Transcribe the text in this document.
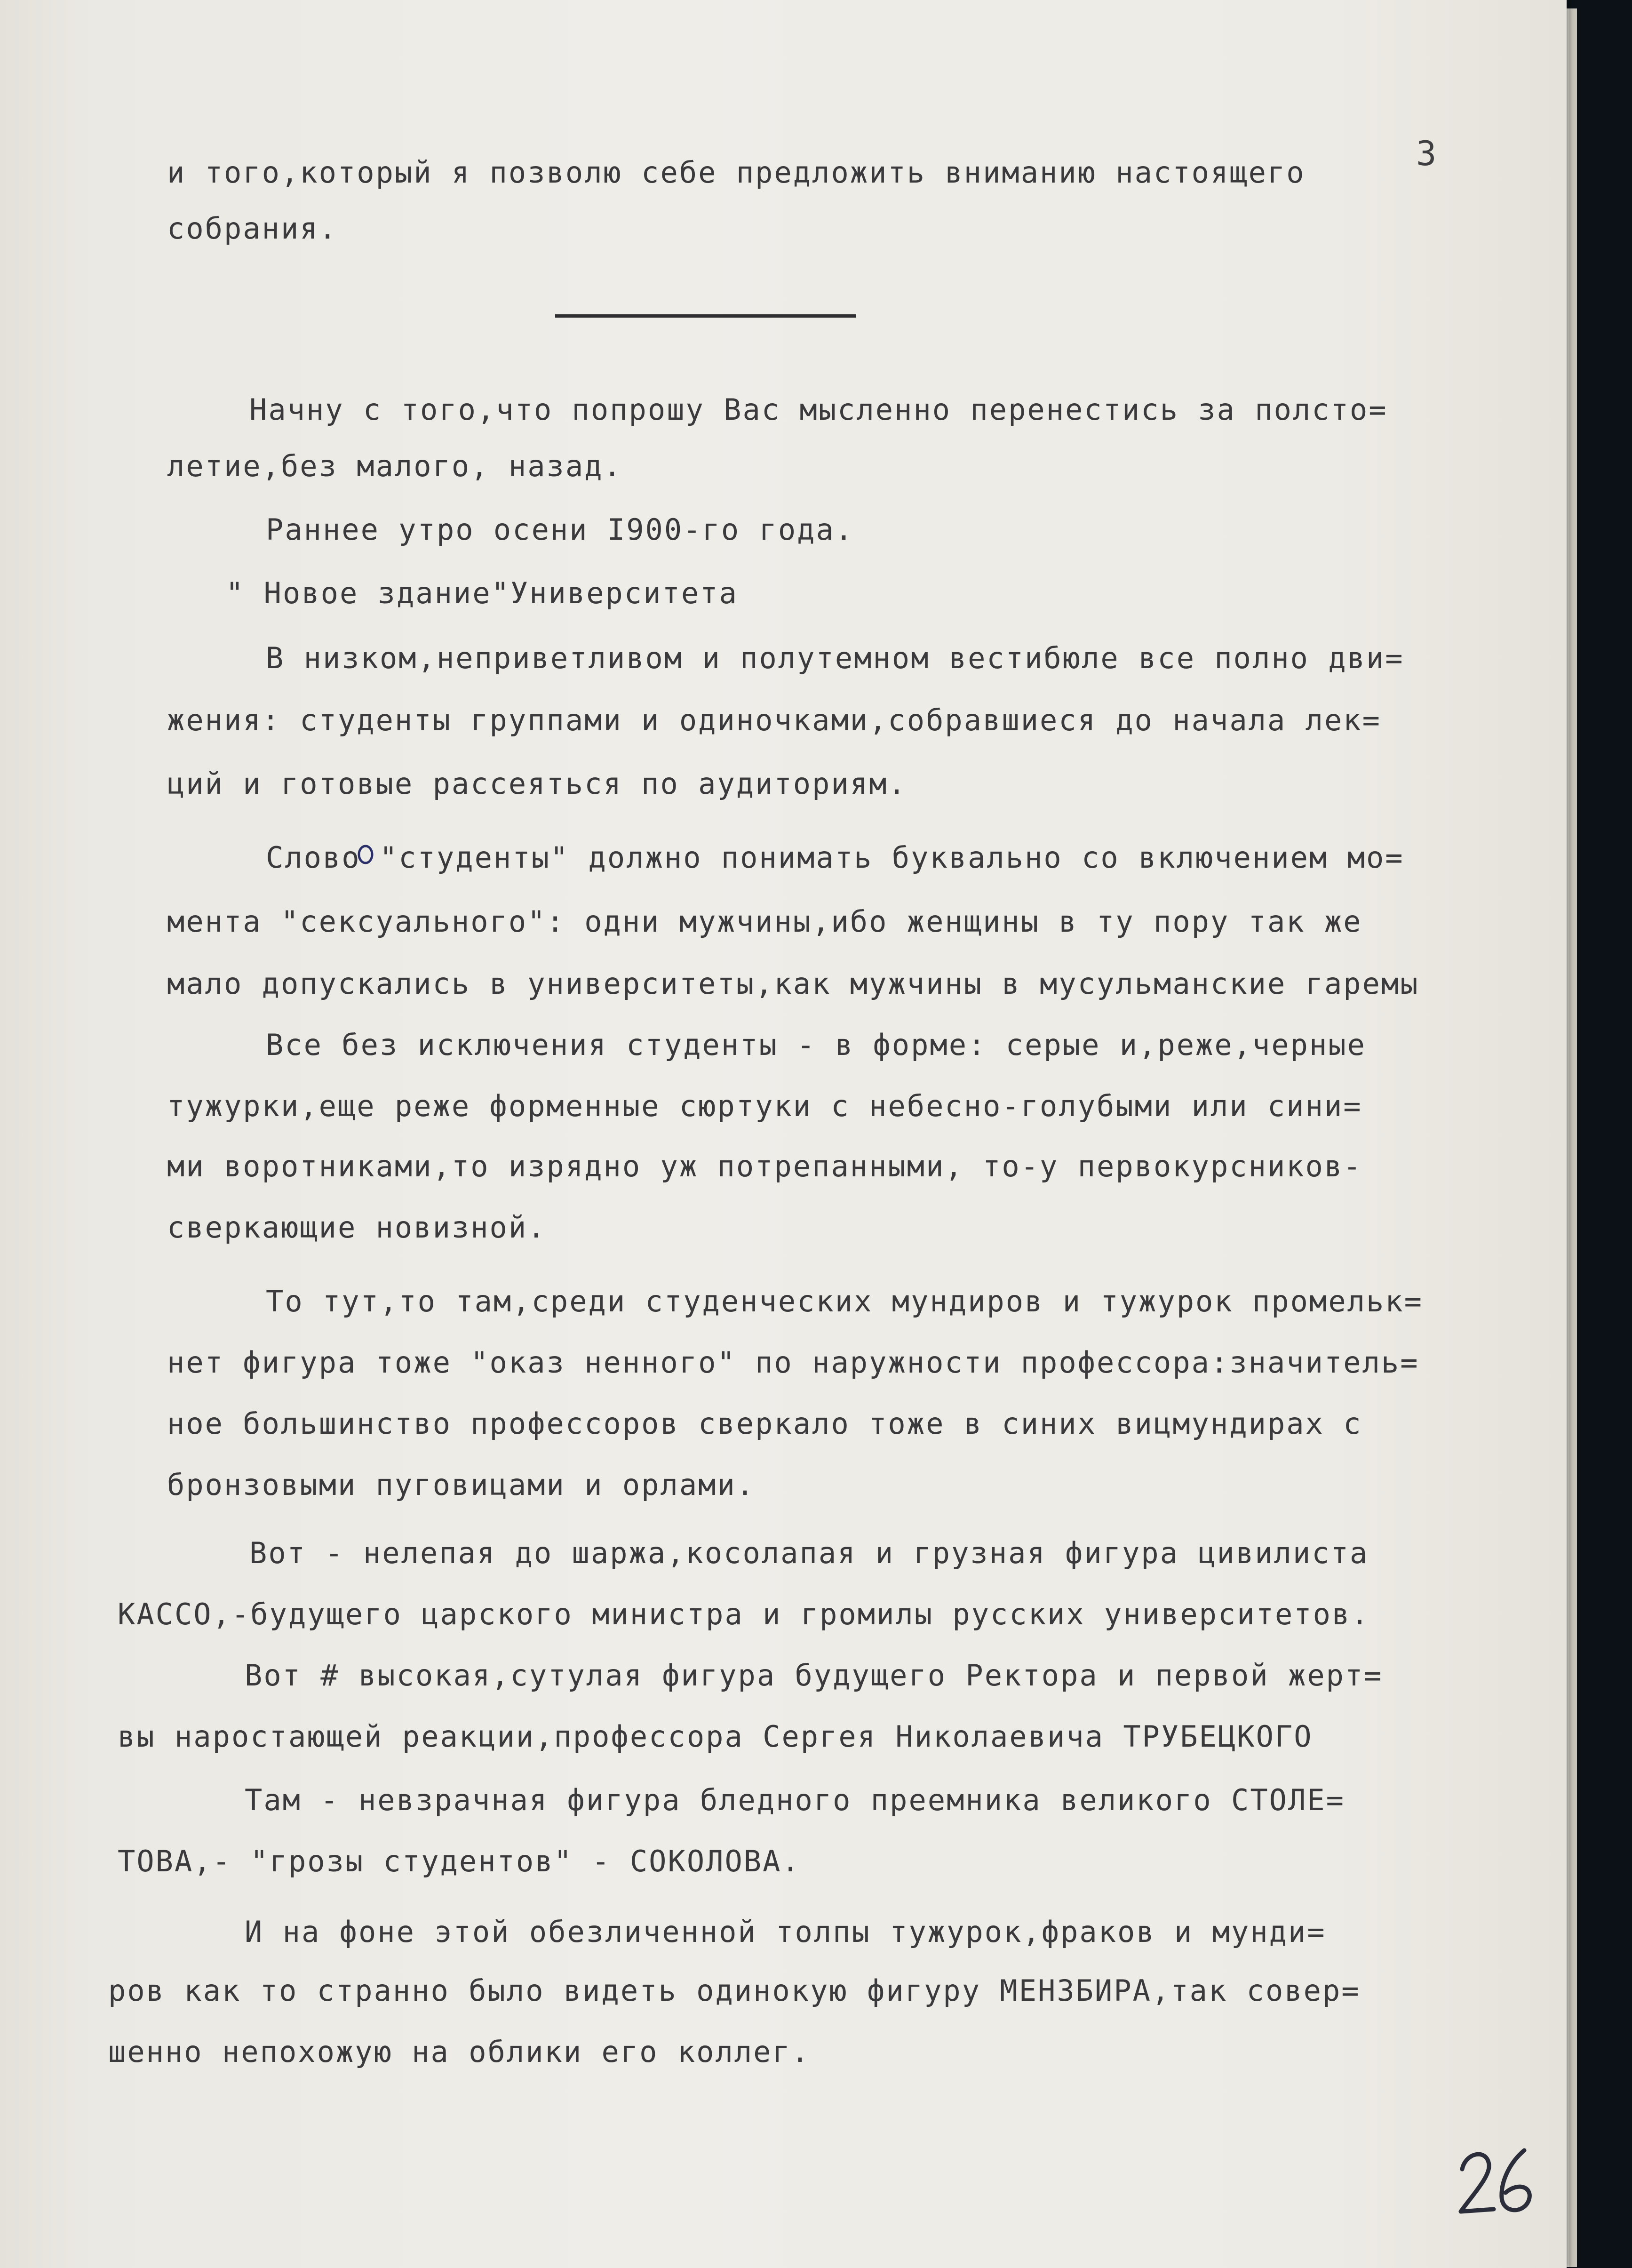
3
и того,который я позволю себе предложить вниманию настоящего
собрания.
Начну с того,что попрошу Вас мысленно перенестись за полсто=
летие,без малого, назад.
Раннее утро осени I900-го года.
" Новое здание"Университета
В низком,неприветливом и полутемном вестибюле все полно дви=
жения: студенты группами и одиночками,собравшиеся до начала лек=
ций и готовые рассеяться по аудиториям.
Слово "студенты" должно понимать буквально со включением мо=
мента "сексуального": одни мужчины,ибо женщины в ту пору так же
мало допускались в университеты,как мужчины в мусульманские гаремы
Все без исключения студенты - в форме: серые и,реже,черные
тужурки,еще реже форменные сюртуки с небесно-голубыми или сини=
ми воротниками,то изрядно уж потрепанными, то-у первокурсников-
сверкающие новизной.
То тут,то там,среди студенческих мундиров и тужурок промельк=
нет фигура тоже "оказ ненного" по наружности профессора:значитель=
ное большинство профессоров сверкало тоже в синих вицмундирах с
бронзовыми пуговицами и орлами.
Вот - нелепая до шаржа,косолапая и грузная фигура цивилиста
КАССО,-будущего царского министра и громилы русских университетов.
Вот # высокая,сутулая фигура будущего Ректора и первой жерт=
вы наростающей реакции,профессора Сергея Николаевича ТРУБЕЦКОГО
Там - невзрачная фигура бледного преемника великого СТОЛЕ=
ТОВА,- "грозы студентов" - СОКОЛОВА.
И на фоне этой обезличенной толпы тужурок,фраков и мунди=
ров как то странно было видеть одинокую фигуру МЕНЗБИРА,так совер=
шенно непохожую на облики его коллег.
